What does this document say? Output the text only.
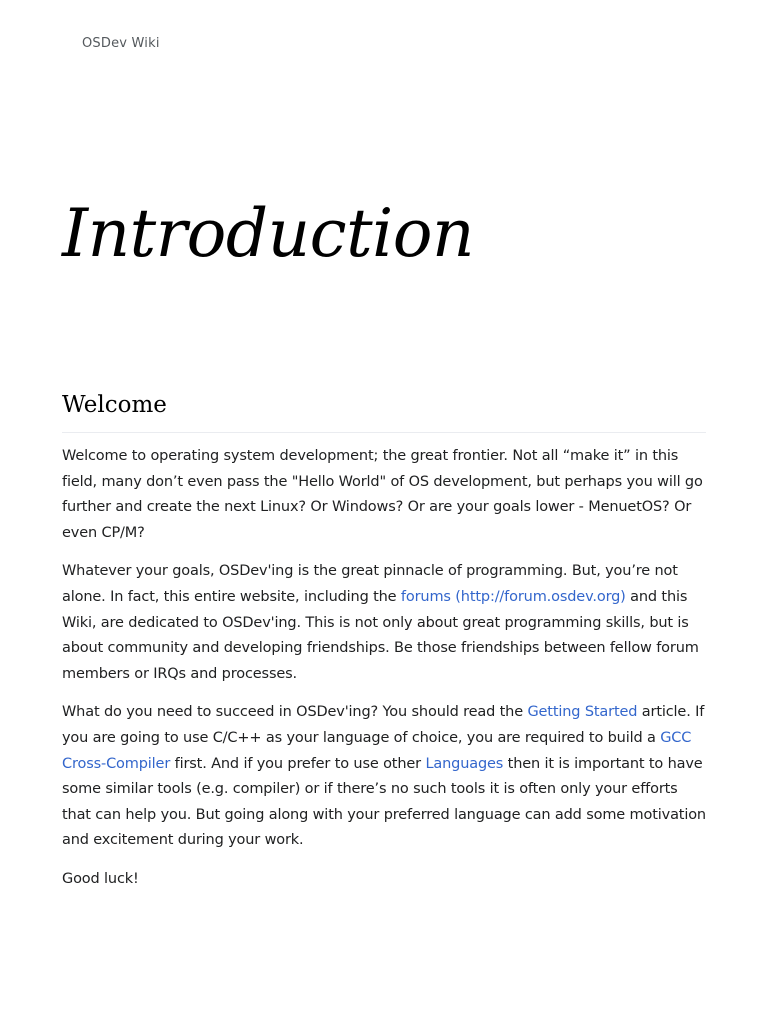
OSDev Wiki
Introduction
Welcome

Welcome to operating system development; the great frontier. Not all “make it” in this field, many don’t even pass the "Hello World" of OS development, but perhaps you will go further and create the next Linux? Or Windows? Or are your goals lower - MenuetOS? Or even CP/M?

Whatever your goals, OSDev'ing is the great pinnacle of programming. But, you’re not alone. In fact, this entire website, including the forums (http://forum.osdev.org) and this Wiki, are dedicated to OSDev'ing. This is not only about great programming skills, but is about community and developing friendships. Be those friendships between fellow forum members or IRQs and processes.

What do you need to succeed in OSDev'ing? You should read the Getting Started article. If you are going to use C/C++ as your language of choice, you are required to build a GCC Cross-Compiler first. And if you prefer to use other Languages then it is important to have some similar tools (e.g. compiler) or if there’s no such tools it is often only your efforts that can help you. But going along with your preferred language can add some motivation and excitement during your work.

Good luck!
